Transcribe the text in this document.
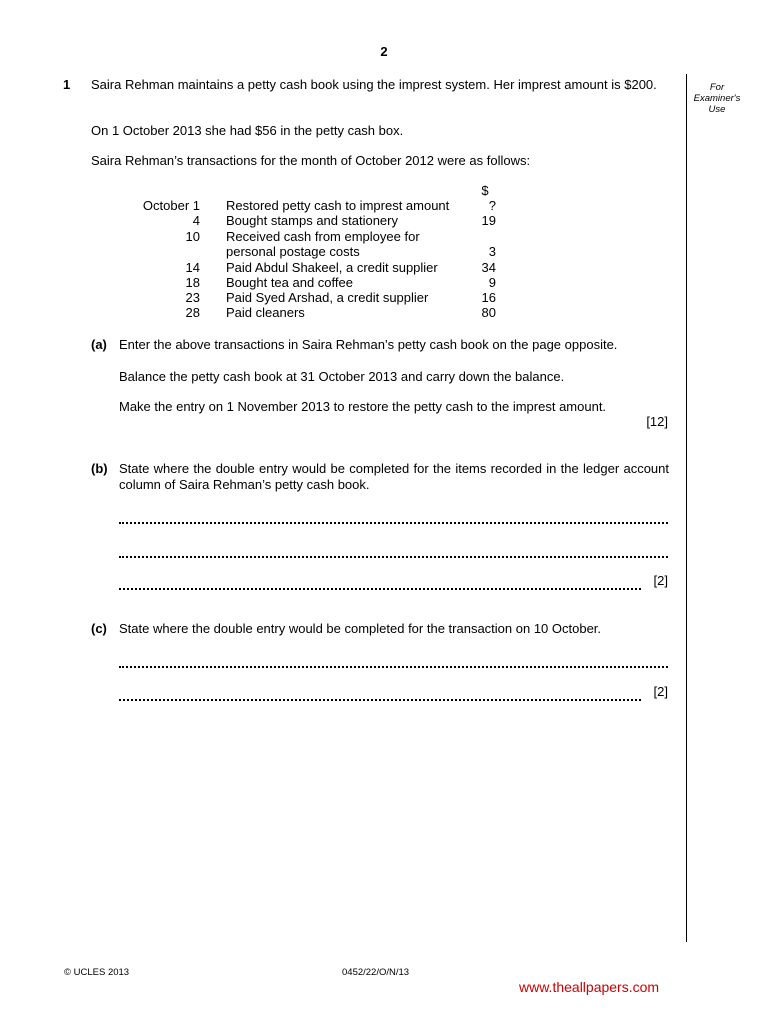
2
For
Examiner's
Use
1 Saira Rehman maintains a petty cash book using the imprest system. Her imprest amount is $200.
On 1 October 2013 she had $56 in the petty cash box.
Saira Rehman’s transactions for the month of October 2012 were as follows:
$
October 1 Restored petty cash to imprest amount	?
4 Bought stamps and stationery	19
10 Received cash from employee for
personal postage costs	3
14 Paid Abdul Shakeel, a credit supplier	34
18 Bought tea and coffee	9
23 Paid Syed Arshad, a credit supplier	16
28 Paid cleaners	80
(a) Enter the above transactions in Saira Rehman’s petty cash book on the page opposite.
Balance the petty cash book at 31 October 2013 and carry down the balance.
Make the entry on 1 November 2013 to restore the petty cash to the imprest amount.
[12]
(b) State where the double entry would be completed for the items recorded in the ledger account column of Saira Rehman’s petty cash book.
[2]
(c) State where the double entry would be completed for the transaction on 10 October.
[2]
© UCLES 2013	0452/22/O/N/13
www.theallpapers.com
